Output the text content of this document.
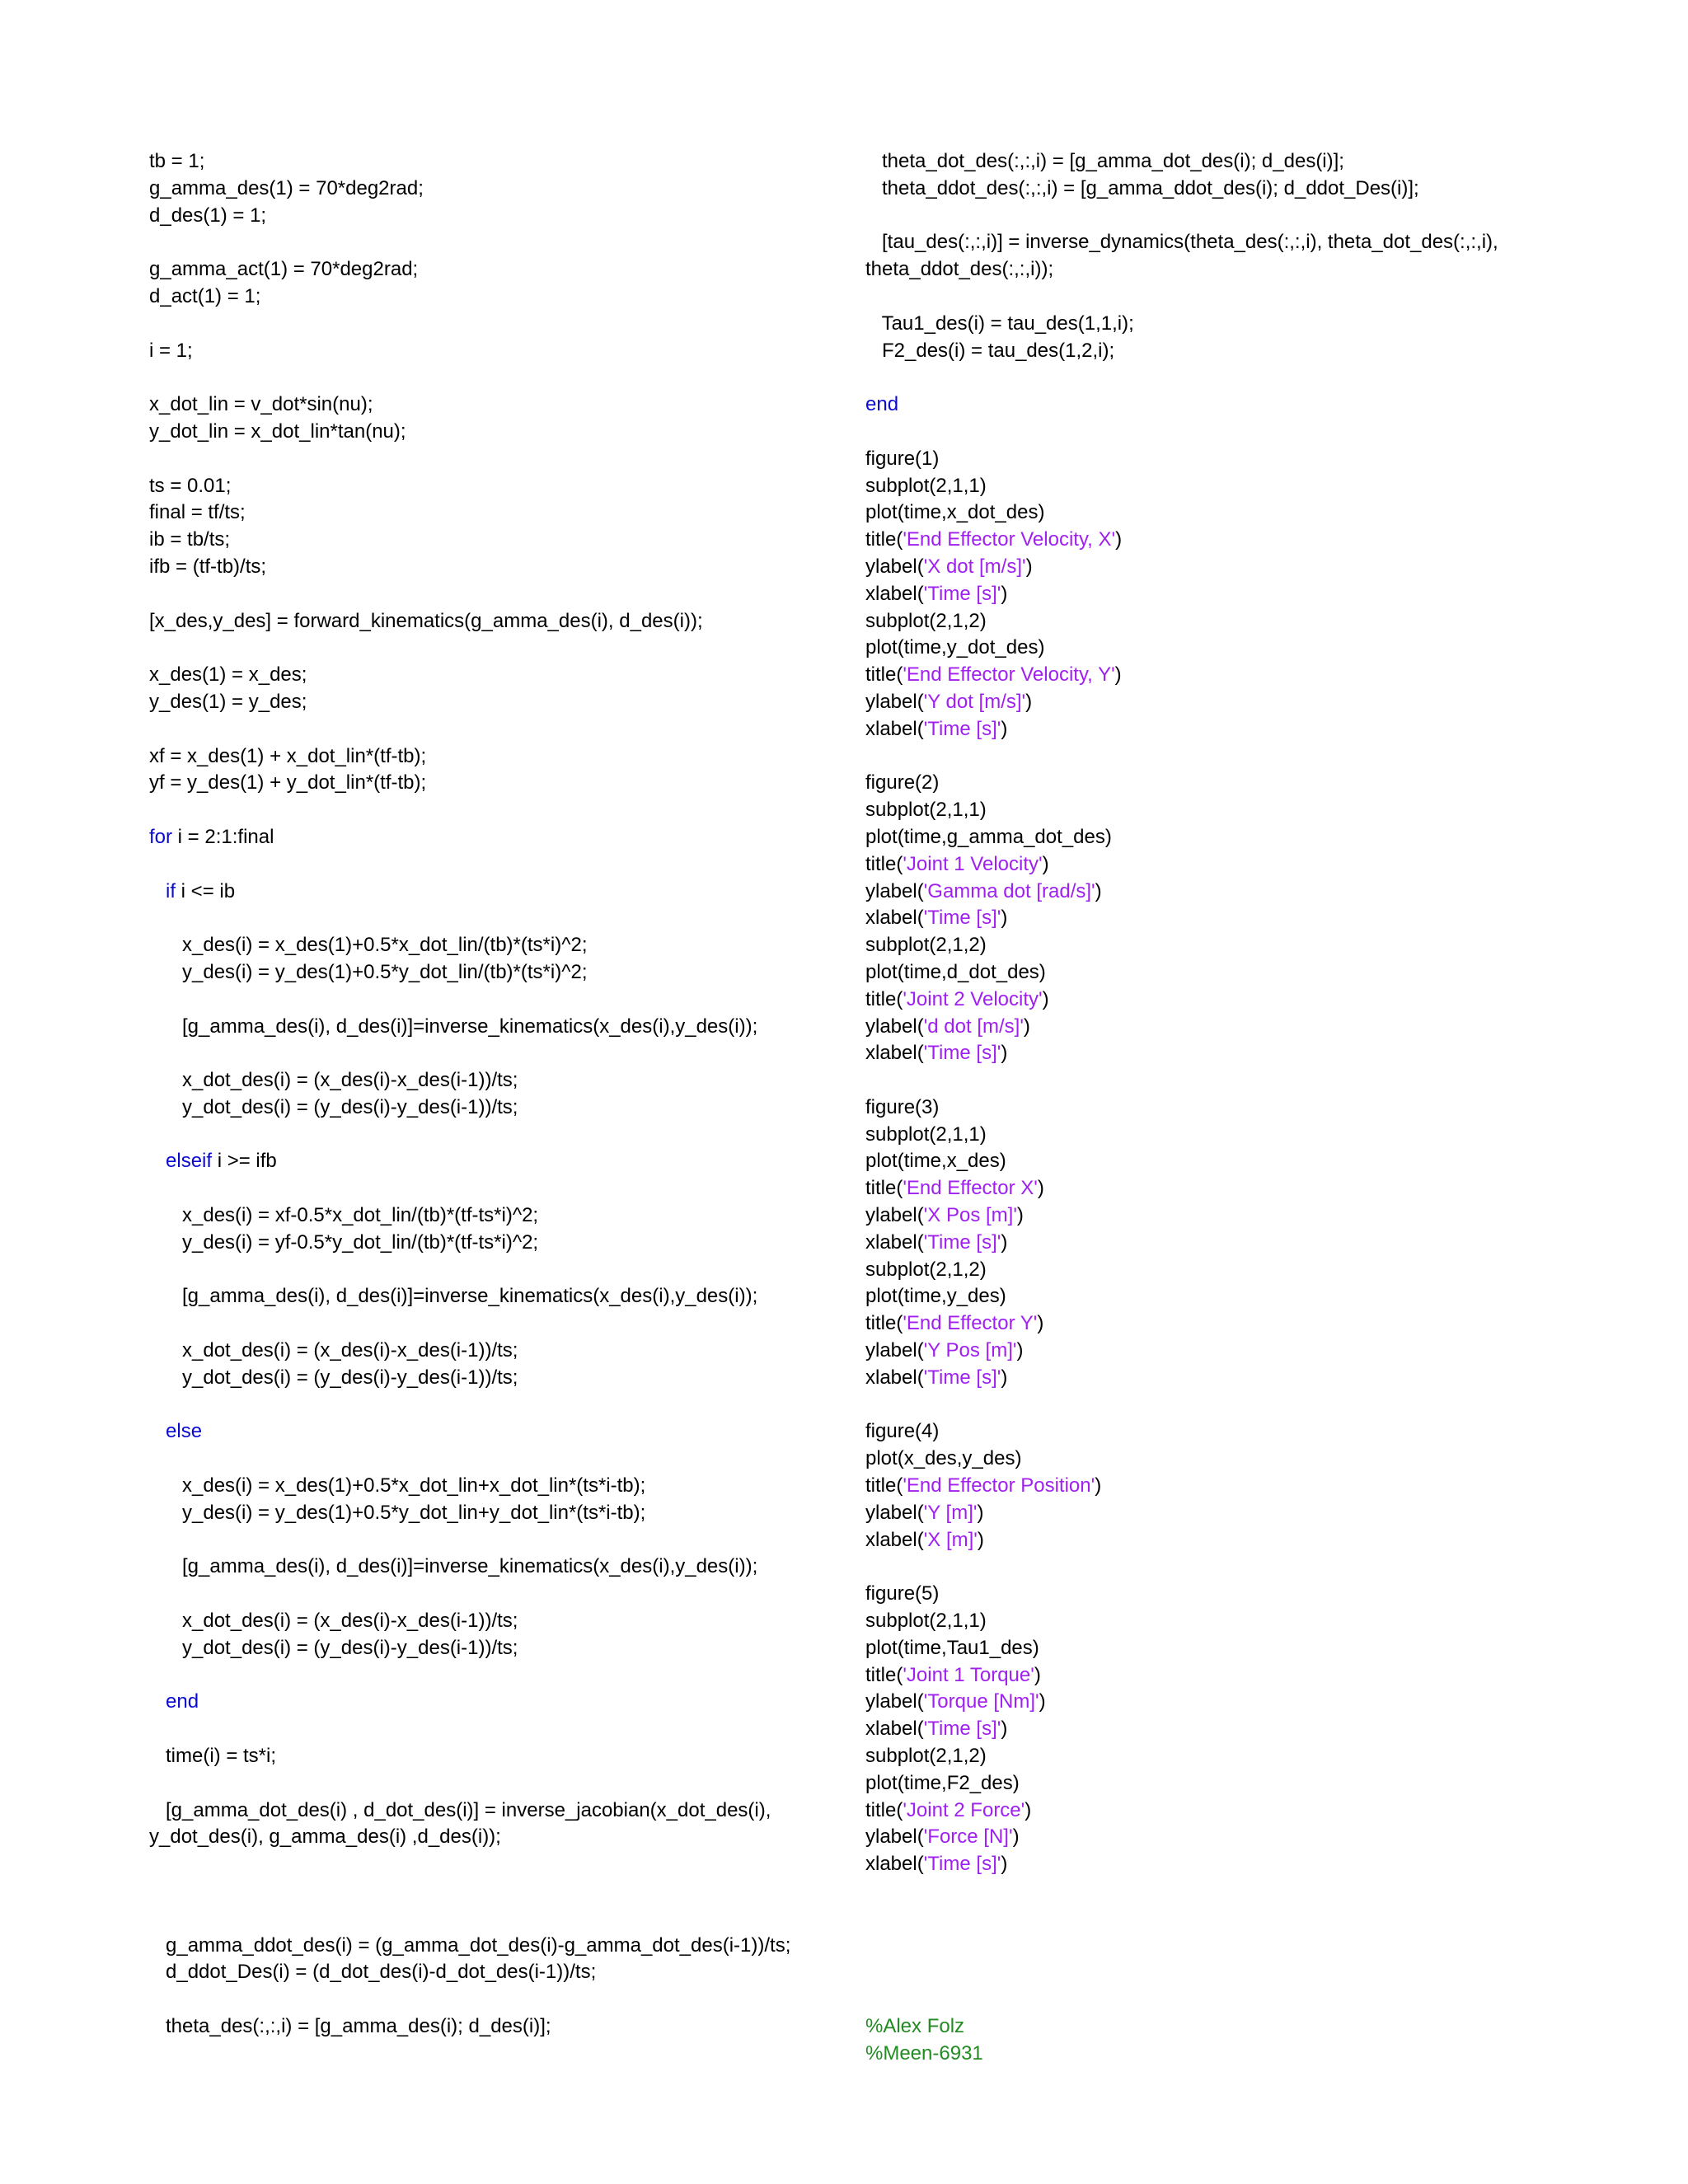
tb = 1;
g_amma_des(1) = 70*deg2rad;
d_des(1) = 1;
g_amma_act(1) = 70*deg2rad;
d_act(1) = 1;
i = 1;
x_dot_lin = v_dot*sin(nu);
y_dot_lin = x_dot_lin*tan(nu);
ts = 0.01;
final = tf/ts;
ib = tb/ts;
ifb = (tf-tb)/ts;
[x_des,y_des] = forward_kinematics(g_amma_des(i), d_des(i));
x_des(1) = x_des;
y_des(1) = y_des;
xf = x_des(1) + x_dot_lin*(tf-tb);
yf = y_des(1) + y_dot_lin*(tf-tb);
for i = 2:1:final
if i <= ib
x_des(i) = x_des(1)+0.5*x_dot_lin/(tb)*(ts*i)^2;
y_des(i) = y_des(1)+0.5*y_dot_lin/(tb)*(ts*i)^2;
[g_amma_des(i), d_des(i)]=inverse_kinematics(x_des(i),y_des(i));
x_dot_des(i) = (x_des(i)-x_des(i-1))/ts;
y_dot_des(i) = (y_des(i)-y_des(i-1))/ts;
elseif i >= ifb
x_des(i) = xf-0.5*x_dot_lin/(tb)*(tf-ts*i)^2;
y_des(i) = yf-0.5*y_dot_lin/(tb)*(tf-ts*i)^2;
[g_amma_des(i), d_des(i)]=inverse_kinematics(x_des(i),y_des(i));
x_dot_des(i) = (x_des(i)-x_des(i-1))/ts;
y_dot_des(i) = (y_des(i)-y_des(i-1))/ts;
else
x_des(i) = x_des(1)+0.5*x_dot_lin+x_dot_lin*(ts*i-tb);
y_des(i) = y_des(1)+0.5*y_dot_lin+y_dot_lin*(ts*i-tb);
[g_amma_des(i), d_des(i)]=inverse_kinematics(x_des(i),y_des(i));
x_dot_des(i) = (x_des(i)-x_des(i-1))/ts;
y_dot_des(i) = (y_des(i)-y_des(i-1))/ts;
end
time(i) = ts*i;
[g_amma_dot_des(i) , d_dot_des(i)] = inverse_jacobian(x_dot_des(i),
y_dot_des(i), g_amma_des(i) ,d_des(i));
g_amma_ddot_des(i) = (g_amma_dot_des(i)-g_amma_dot_des(i-1))/ts;
d_ddot_Des(i) = (d_dot_des(i)-d_dot_des(i-1))/ts;
theta_des(:,:,i) = [g_amma_des(i); d_des(i)];
theta_dot_des(:,:,i) = [g_amma_dot_des(i); d_des(i)];
theta_ddot_des(:,:,i) = [g_amma_ddot_des(i); d_ddot_Des(i)];
[tau_des(:,:,i)] = inverse_dynamics(theta_des(:,:,i), theta_dot_des(:,:,i),
theta_ddot_des(:,:,i));
Tau1_des(i) = tau_des(1,1,i);
F2_des(i) = tau_des(1,2,i);
end
figure(1)
subplot(2,1,1)
plot(time,x_dot_des)
title('End Effector Velocity, X')
ylabel('X dot [m/s]')
xlabel('Time [s]')
subplot(2,1,2)
plot(time,y_dot_des)
title('End Effector Velocity, Y')
ylabel('Y dot [m/s]')
xlabel('Time [s]')
figure(2)
subplot(2,1,1)
plot(time,g_amma_dot_des)
title('Joint 1 Velocity')
ylabel('Gamma dot [rad/s]')
xlabel('Time [s]')
subplot(2,1,2)
plot(time,d_dot_des)
title('Joint 2 Velocity')
ylabel('d dot [m/s]')
xlabel('Time [s]')
figure(3)
subplot(2,1,1)
plot(time,x_des)
title('End Effector X')
ylabel('X Pos [m]')
xlabel('Time [s]')
subplot(2,1,2)
plot(time,y_des)
title('End Effector Y')
ylabel('Y Pos [m]')
xlabel('Time [s]')
figure(4)
plot(x_des,y_des)
title('End Effector Position')
ylabel('Y [m]')
xlabel('X [m]')
figure(5)
subplot(2,1,1)
plot(time,Tau1_des)
title('Joint 1 Torque')
ylabel('Torque [Nm]')
xlabel('Time [s]')
subplot(2,1,2)
plot(time,F2_des)
title('Joint 2 Force')
ylabel('Force [N]')
xlabel('Time [s]')
%Alex Folz
%Meen-6931
